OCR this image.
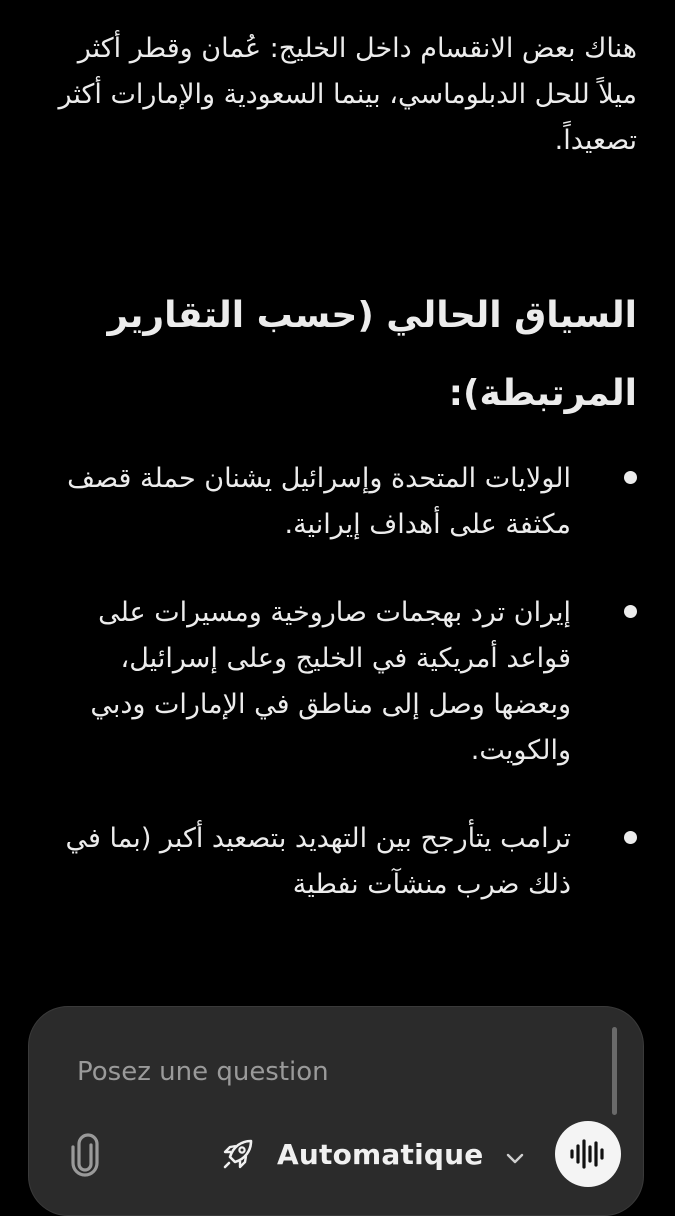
هناك بعض الانقسام داخل الخليج: عُمان وقطر أكثر ميلاً للحل الدبلوماسي، بينما السعودية والإمارات أكثر تصعيداً.

السياق الحالي (حسب التقارير المرتبطة):
الولايات المتحدة وإسرائيل يشنان حملة قصف مكثفة على أهداف إيرانية.
إيران ترد بهجمات صاروخية ومسيرات على قواعد أمريكية في الخليج وعلى إسرائيل، وبعضها وصل إلى مناطق في الإمارات ودبي والكويت.
ترامب يتأرجح بين التهديد بتصعيد أكبر (بما في ذلك ضرب منشآت نفطية
Posez une question
Automatique
